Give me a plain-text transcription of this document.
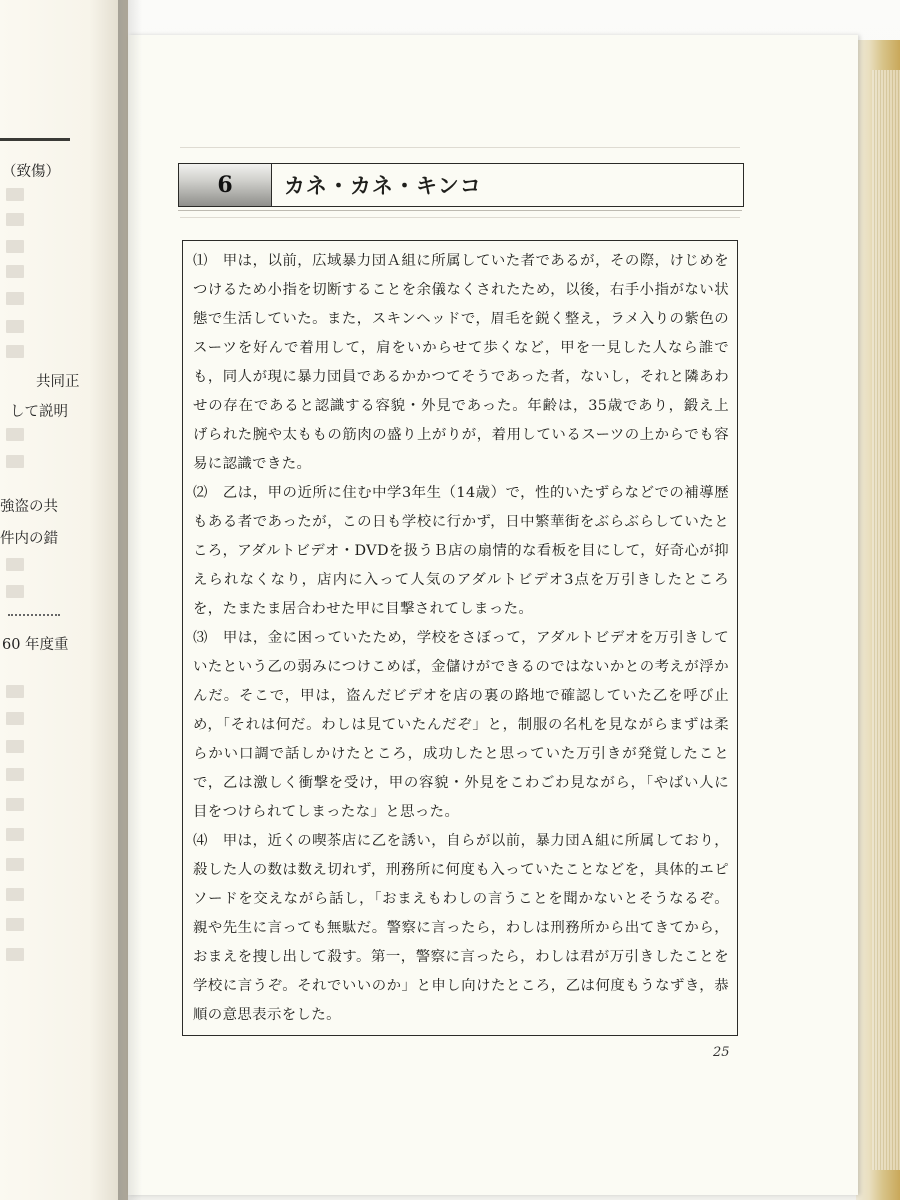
（致傷）
共同正
して説明
強盗の共
件内の錯
60 年度重
6	カネ・カネ・キンコ

⑴　甲は，以前，広域暴力団Ａ組に所属していた者であるが，その際，けじめをつけるため小指を切断することを余儀なくされたため，以後，右手小指がない状態で生活していた。また，スキンヘッドで，眉毛を鋭く整え，ラメ入りの紫色のスーツを好んで着用して，肩をいからせて歩くなど，甲を一見した人なら誰でも，同人が現に暴力団員であるかかつてそうであった者，ないし，それと隣あわせの存在であると認識する容貌・外見であった。年齢は，35歳であり，鍛え上げられた腕や太ももの筋肉の盛り上がりが，着用しているスーツの上からでも容易に認識できた。

⑵　乙は，甲の近所に住む中学3年生（14歳）で，性的いたずらなどでの補導歴もある者であったが，この日も学校に行かず，日中繁華街をぶらぶらしていたところ，アダルトビデオ・DVDを扱うＢ店の扇情的な看板を目にして，好奇心が抑えられなくなり，店内に入って人気のアダルトビデオ3点を万引きしたところを，たまたま居合わせた甲に目撃されてしまった。

⑶　甲は，金に困っていたため，学校をさぼって，アダルトビデオを万引きしていたという乙の弱みにつけこめば，金儲けができるのではないかとの考えが浮かんだ。そこで，甲は，盗んだビデオを店の裏の路地で確認していた乙を呼び止め，「それは何だ。わしは見ていたんだぞ」と，制服の名札を見ながらまずは柔らかい口調で話しかけたところ，成功したと思っていた万引きが発覚したことで，乙は激しく衝撃を受け，甲の容貌・外見をこわごわ見ながら，「やばい人に目をつけられてしまったな」と思った。

⑷　甲は，近くの喫茶店に乙を誘い，自らが以前，暴力団Ａ組に所属しており，殺した人の数は数え切れず，刑務所に何度も入っていたことなどを，具体的エピソードを交えながら話し，「おまえもわしの言うことを聞かないとそうなるぞ。親や先生に言っても無駄だ。警察に言ったら，わしは刑務所から出てきてから，おまえを捜し出して殺す。第一，警察に言ったら，わしは君が万引きしたことを学校に言うぞ。それでいいのか」と申し向けたところ，乙は何度もうなずき，恭順の意思表示をした。

25
